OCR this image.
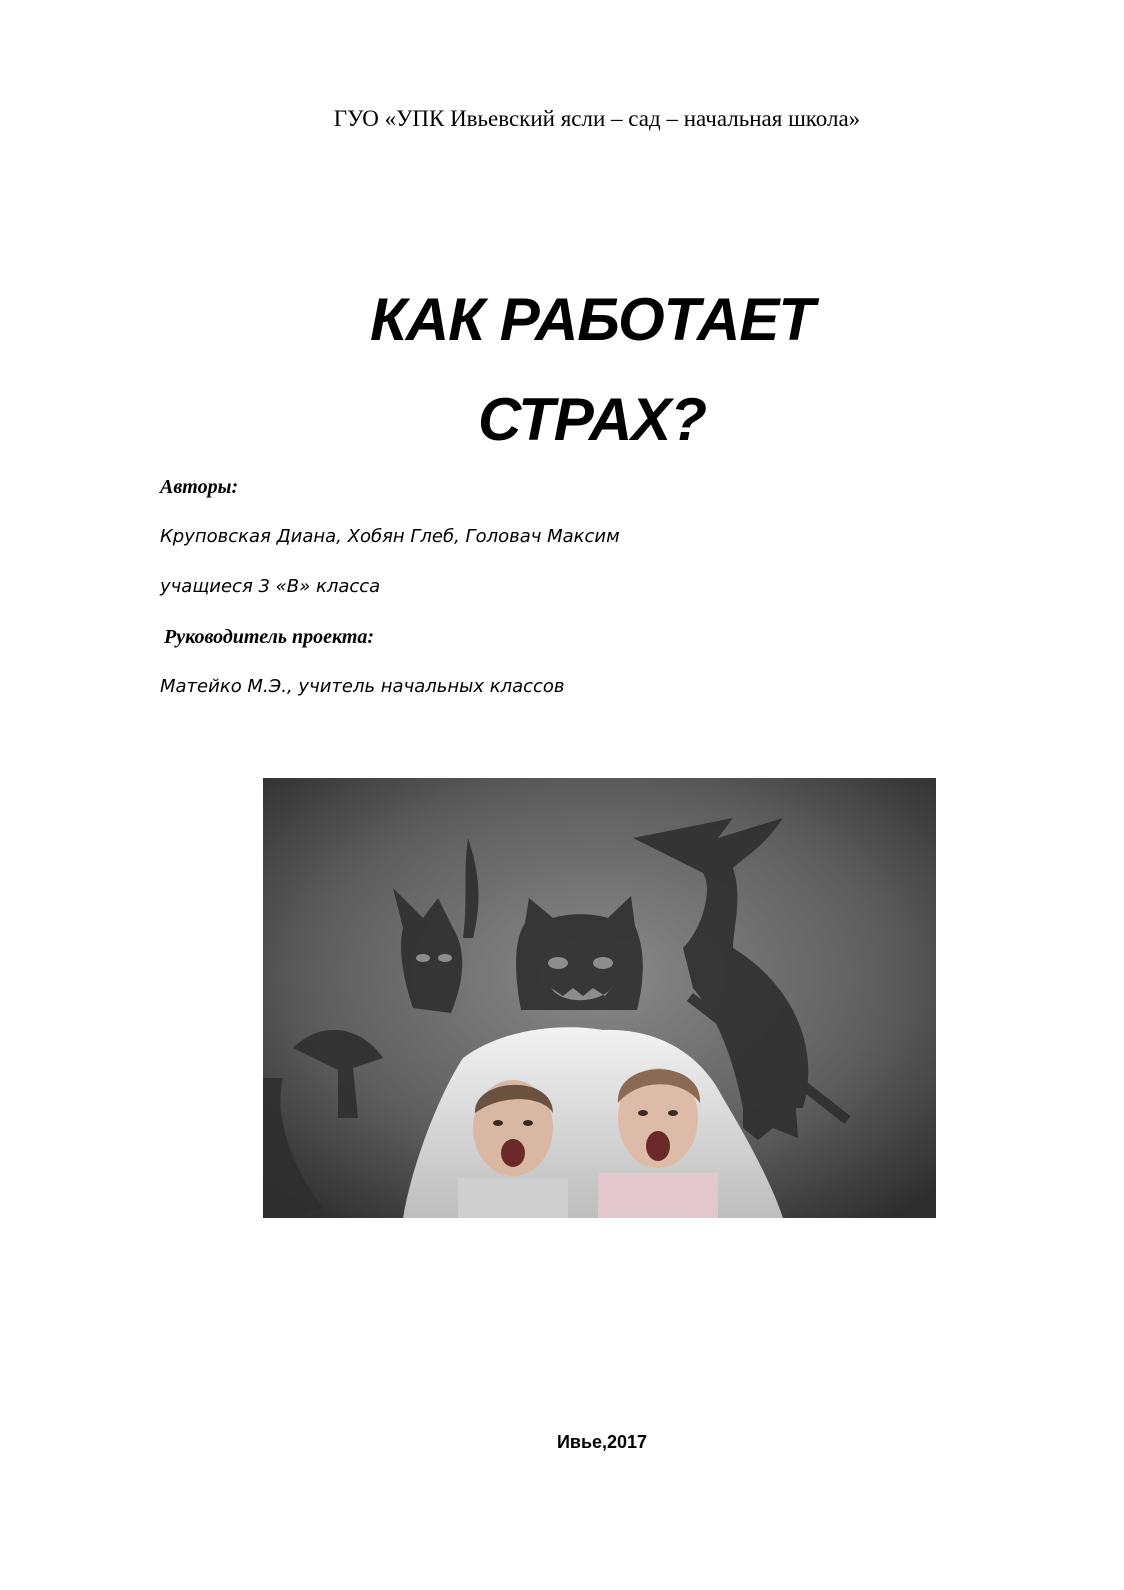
ГУО «УПК Ивьевский ясли – сад – начальная школа»
КАК РАБОТАЕТ
СТРАХ?
Авторы:
Круповская Диана, Хобян Глеб, Головач Максим
учащиеся 3 «В» класса
Руководитель проекта:
Матейко М.Э., учитель начальных классов
Ивье,2017
